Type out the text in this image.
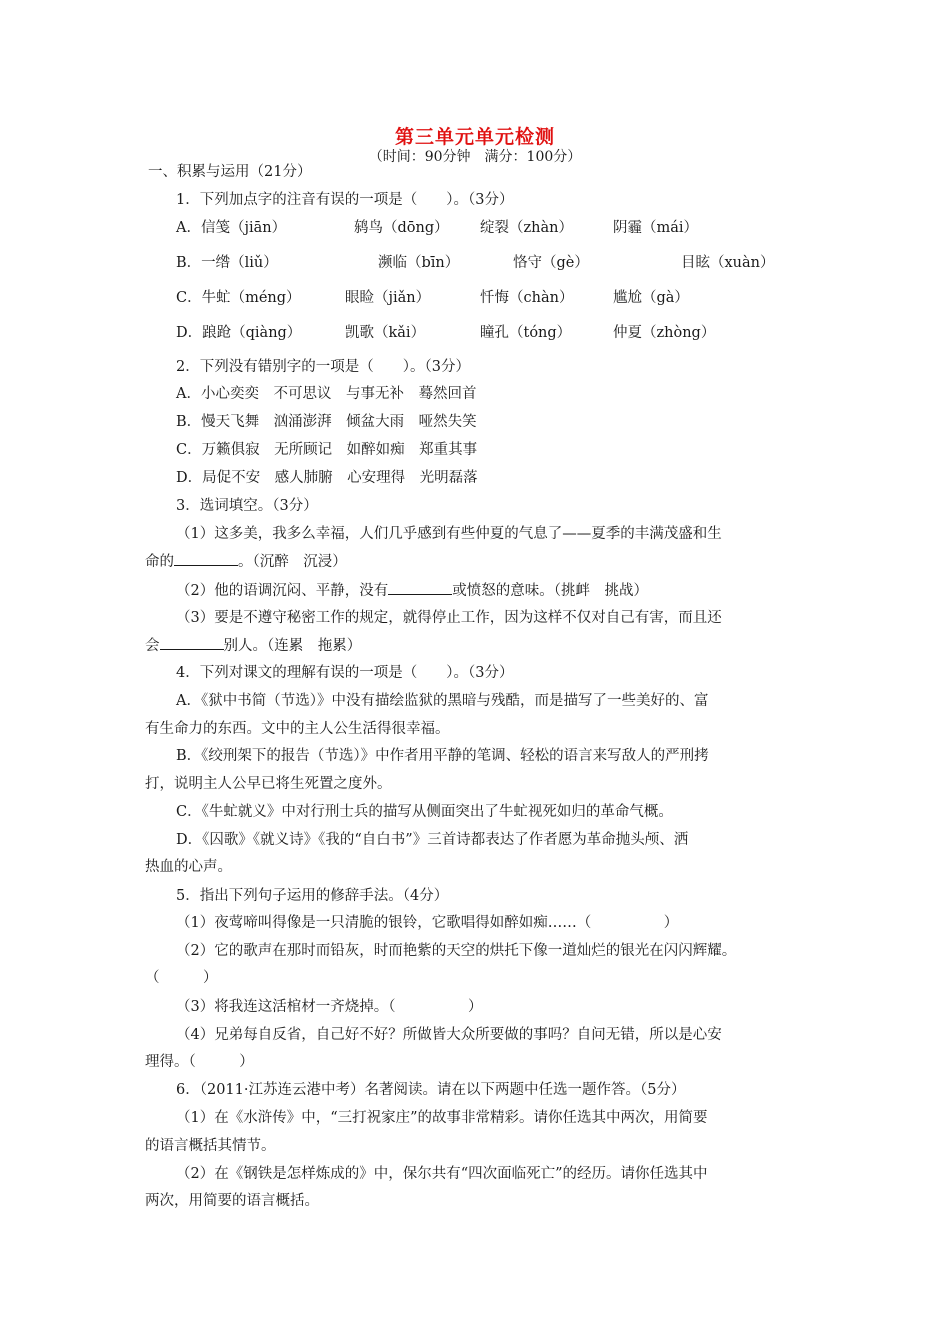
第三单元单元检测
（时间：90分钟　满分：100分）
一、积累与运用（21分）
1．下列加点字的注音有误的一项是（　　）。（3分）
A．信笺（jiān）	鸫鸟（dōng） 绽裂（zhàn）	阴霾（mái）
B．一绺（liǔ）	濒临（bīn）	恪守（gè）	目眩（xuàn）
C．牛虻（méng）	眼睑（jiǎn）	忏悔（chàn）	尴尬（gà）
D．踉跄（qiàng）	凯歌（kǎi）	瞳孔（tóng）	仲夏（zhòng）
2．下列没有错别字的一项是（　　）。（3分）
A．小心奕奕　不可思议　与事无补　蓦然回首
B．慢天飞舞　汹涌澎湃　倾盆大雨　哑然失笑
C．万籁俱寂　无所顾记　如醉如痴　郑重其事
D．局促不安　感人肺腑　心安理得　光明磊落
3．选词填空。（3分）
（1）这多美，我多么幸福，人们几乎感到有些仲夏的气息了——夏季的丰满茂盛和生
命的	。（沉醉　沉浸）
（2）他的语调沉闷、平静，没有	或愤怒的意味。（挑衅　挑战）
（3）要是不遵守秘密工作的规定，就得停止工作，因为这样不仅对自己有害，而且还
会	别人。（连累　拖累）
4．下列对课文的理解有误的一项是（　　）。（3分）
A．《狱中书简（节选）》中没有描绘监狱的黑暗与残酷，而是描写了一些美好的、富
有生命力的东西。文中的主人公生活得很幸福。
B．《绞刑架下的报告（节选）》中作者用平静的笔调、轻松的语言来写敌人的严刑拷
打，说明主人公早已将生死置之度外。
C．《牛虻就义》中对行刑士兵的描写从侧面突出了牛虻视死如归的革命气概。
D．《囚歌》《就义诗》《我的“自白书”》三首诗都表达了作者愿为革命抛头颅、洒
热血的心声。
5．指出下列句子运用的修辞手法。（4分）
（1）夜莺啼叫得像是一只清脆的银铃，它歌唱得如醉如痴……（　　　　　）
（2）它的歌声在那时而铅灰，时而艳紫的天空的烘托下像一道灿烂的银光在闪闪辉耀。
（　　　）
（3）将我连这活棺材一齐烧掉。（　　　　　）
（4）兄弟每自反省，自己好不好？所做皆大众所要做的事吗？自问无错，所以是心安
理得。（　　　）
6．（2011·江苏连云港中考）名著阅读。请在以下两题中任选一题作答。（5分）
（1）在《水浒传》中，“三打祝家庄”的故事非常精彩。请你任选其中两次，用简要
的语言概括其情节。
（2）在《钢铁是怎样炼成的》中，保尔共有“四次面临死亡”的经历。请你任选其中
两次，用简要的语言概括。
